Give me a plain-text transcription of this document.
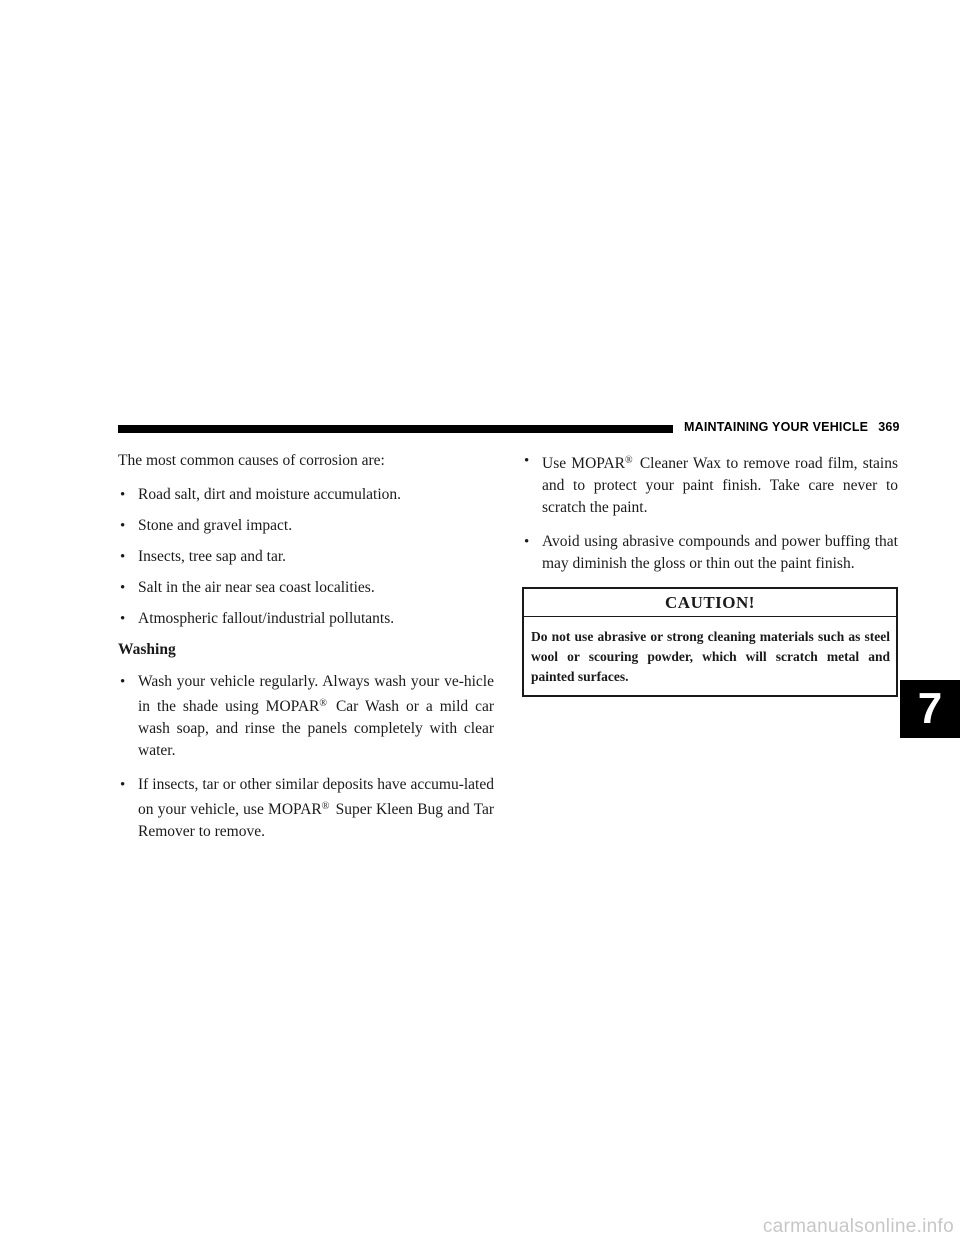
MAINTAINING YOUR VEHICLE 369

The most common causes of corrosion are:

• Road salt, dirt and moisture accumulation.
• Stone and gravel impact.
• Insects, tree sap and tar.
• Salt in the air near sea coast localities.
• Atmospheric fallout/industrial pollutants.
Washing
• Wash your vehicle regularly. Always wash your ve-hicle in the shade using MOPAR® Car Wash or a mild car wash soap, and rinse the panels completely with clear water.
• If insects, tar or other similar deposits have accumu-lated on your vehicle, use MOPAR® Super Kleen Bug and Tar Remover to remove.
• Use MOPAR® Cleaner Wax to remove road film, stains and to protect your paint finish. Take care never to scratch the paint.
• Avoid using abrasive compounds and power buffing that may diminish the gloss or thin out the paint finish.
CAUTION!
Do not use abrasive or strong cleaning materials such as steel wool or scouring powder, which will scratch metal and painted surfaces.
7
carmanualsonline.info
